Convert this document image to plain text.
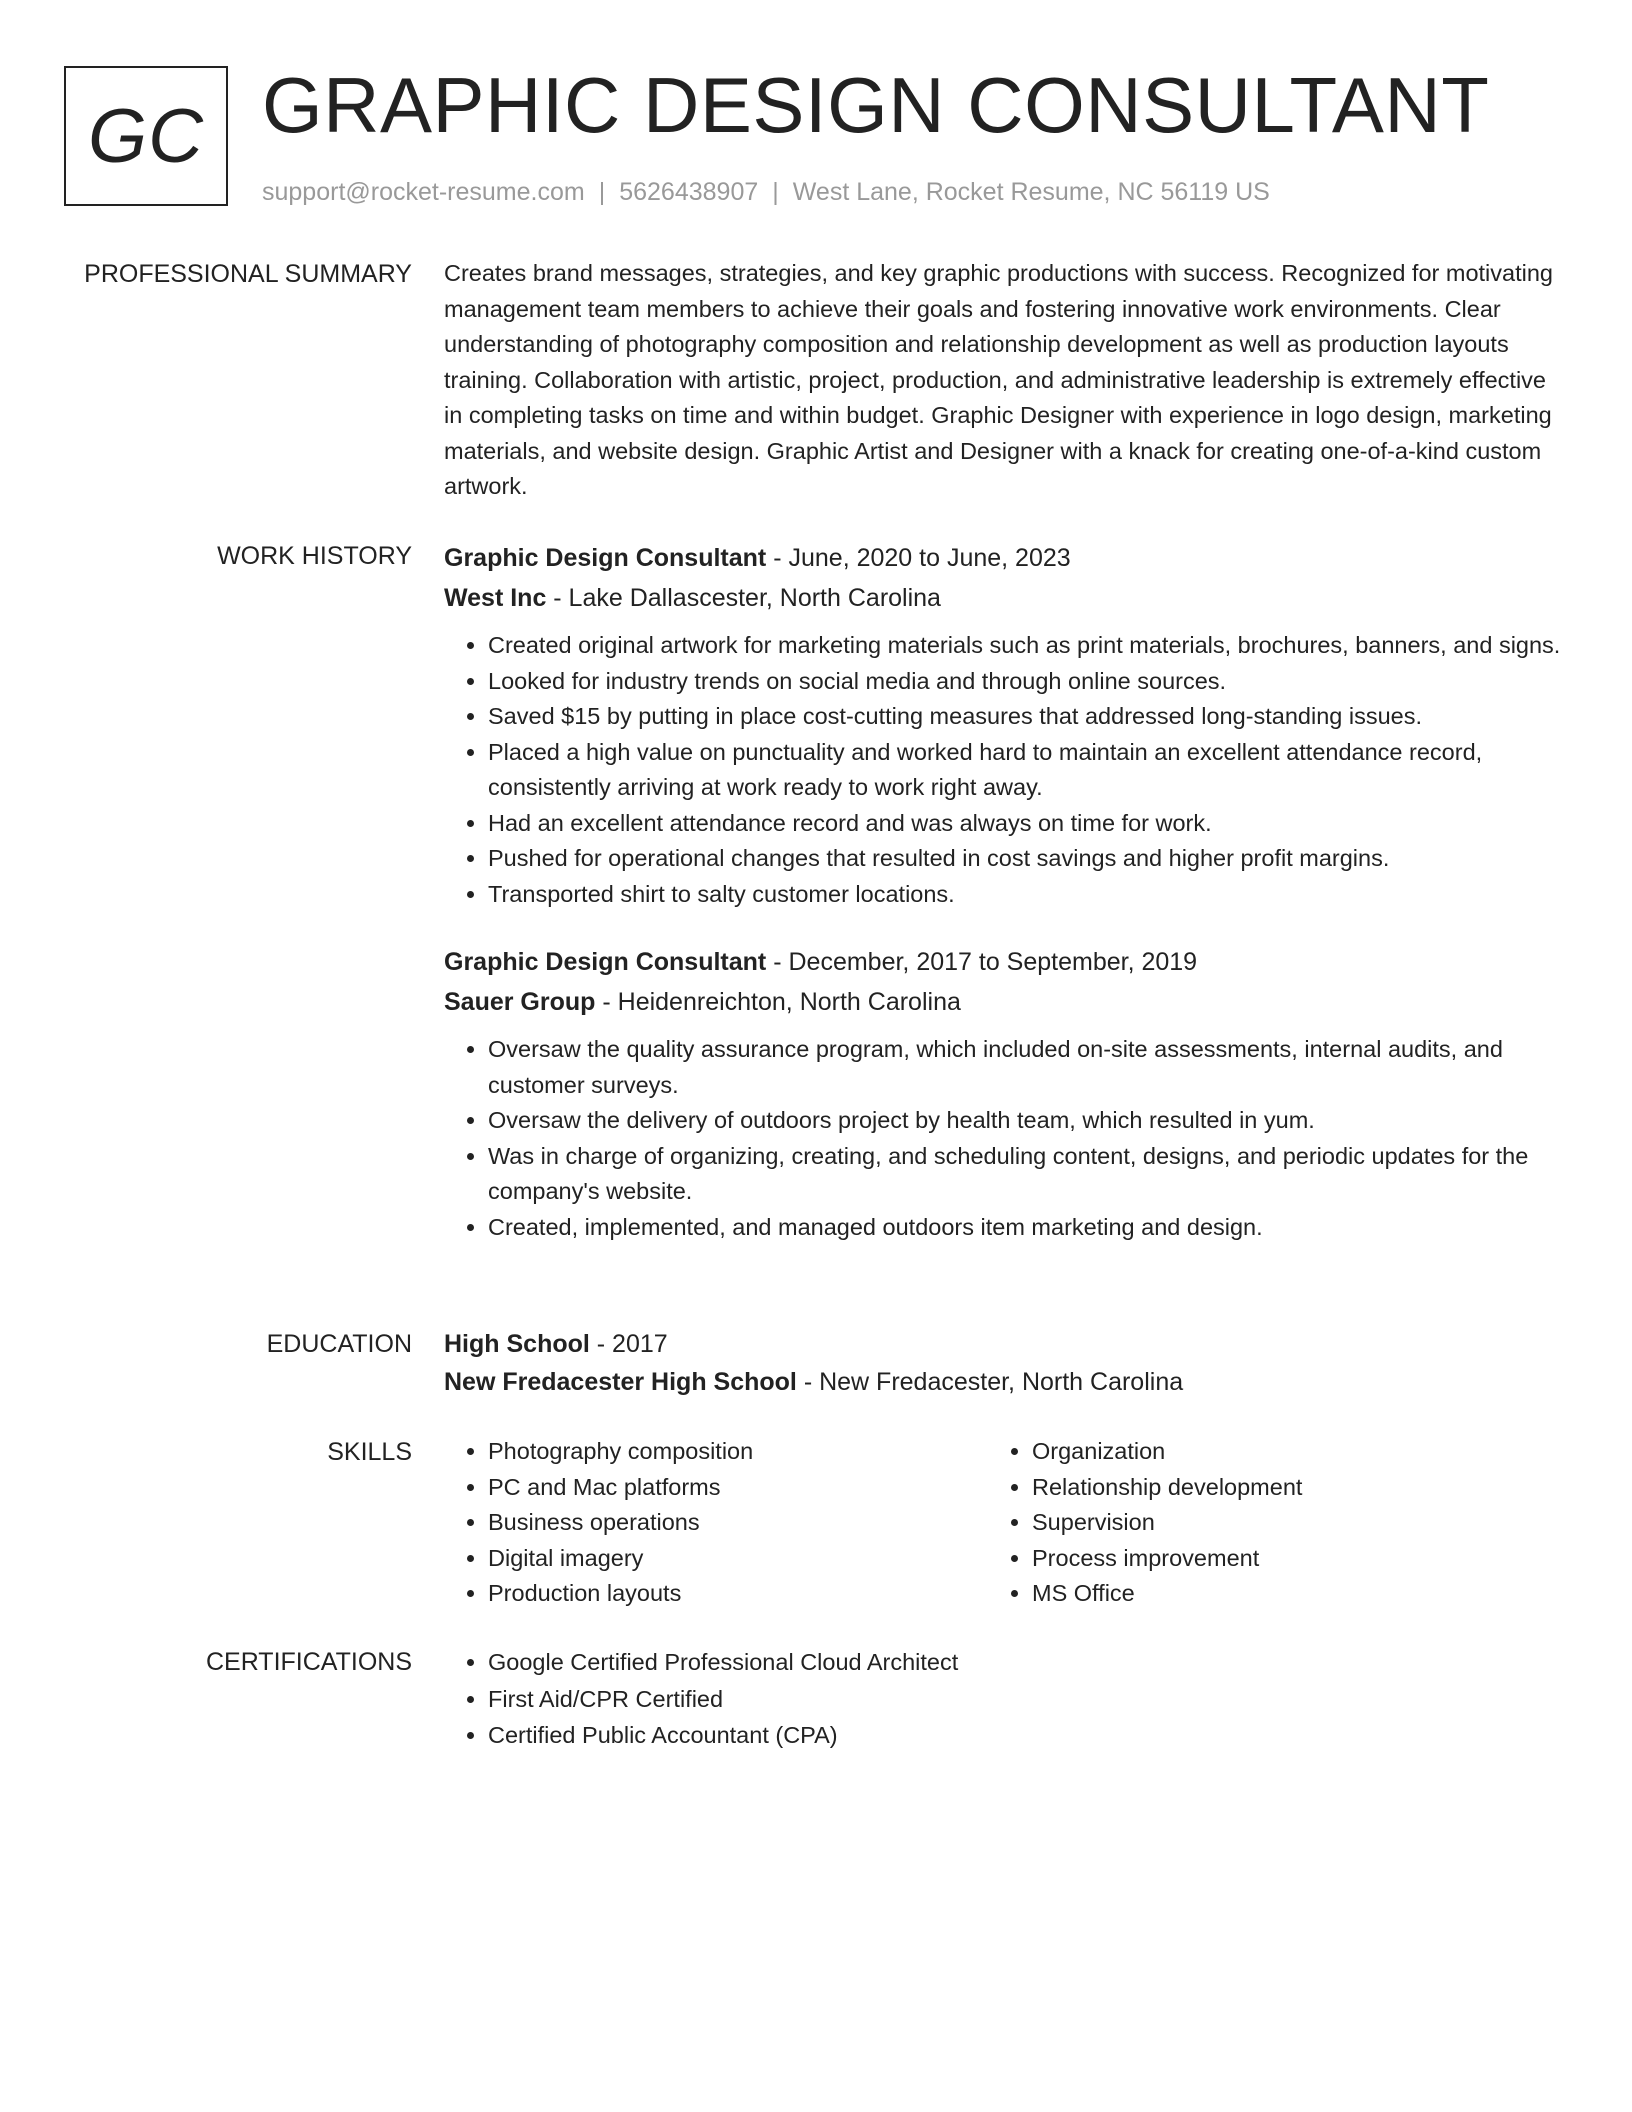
GC GRAPHIC DESIGN CONSULTANT
support@rocket-resume.com | 5626438907 | West Lane, Rocket Resume, NC 56119 US
PROFESSIONAL SUMMARY Creates brand messages, strategies, and key graphic productions with success. Recognized for motivating management team members to achieve their goals and fostering innovative work environments. Clear understanding of photography composition and relationship development as well as production layouts training. Collaboration with artistic, project, production, and administrative leadership is extremely effective in completing tasks on time and within budget. Graphic Designer with experience in logo design, marketing materials, and website design. Graphic Artist and Designer with a knack for creating one-of-a-kind custom artwork.

WORK HISTORY Graphic Design Consultant - June, 2020 to June, 2023
West Inc - Lake Dallascester, North Carolina
• Created original artwork for marketing materials such as print materials, brochures, banners, and signs.
• Looked for industry trends on social media and through online sources.
• Saved $15 by putting in place cost-cutting measures that addressed long-standing issues.
• Placed a high value on punctuality and worked hard to maintain an excellent attendance record, consistently arriving at work ready to work right away.
• Had an excellent attendance record and was always on time for work.
• Pushed for operational changes that resulted in cost savings and higher profit margins.
• Transported shirt to salty customer locations.
Graphic Design Consultant - December, 2017 to September, 2019
Sauer Group - Heidenreichton, North Carolina
• Oversaw the quality assurance program, which included on-site assessments, internal audits, and customer surveys.
• Oversaw the delivery of outdoors project by health team, which resulted in yum.
• Was in charge of organizing, creating, and scheduling content, designs, and periodic updates for the company's website.
• Created, implemented, and managed outdoors item marketing and design.
EDUCATION High School - 2017
New Fredacester High School - New Fredacester, North Carolina
SKILLS	• Photography composition
• PC and Mac platforms
• Business operations
• Digital imagery
• Production layouts
• Organization
• Relationship development
• Supervision
• Process improvement
• MS Office
CERTIFICATIONS	• Google Certified Professional Cloud Architect
• First Aid/CPR Certified
• Certified Public Accountant (CPA)
